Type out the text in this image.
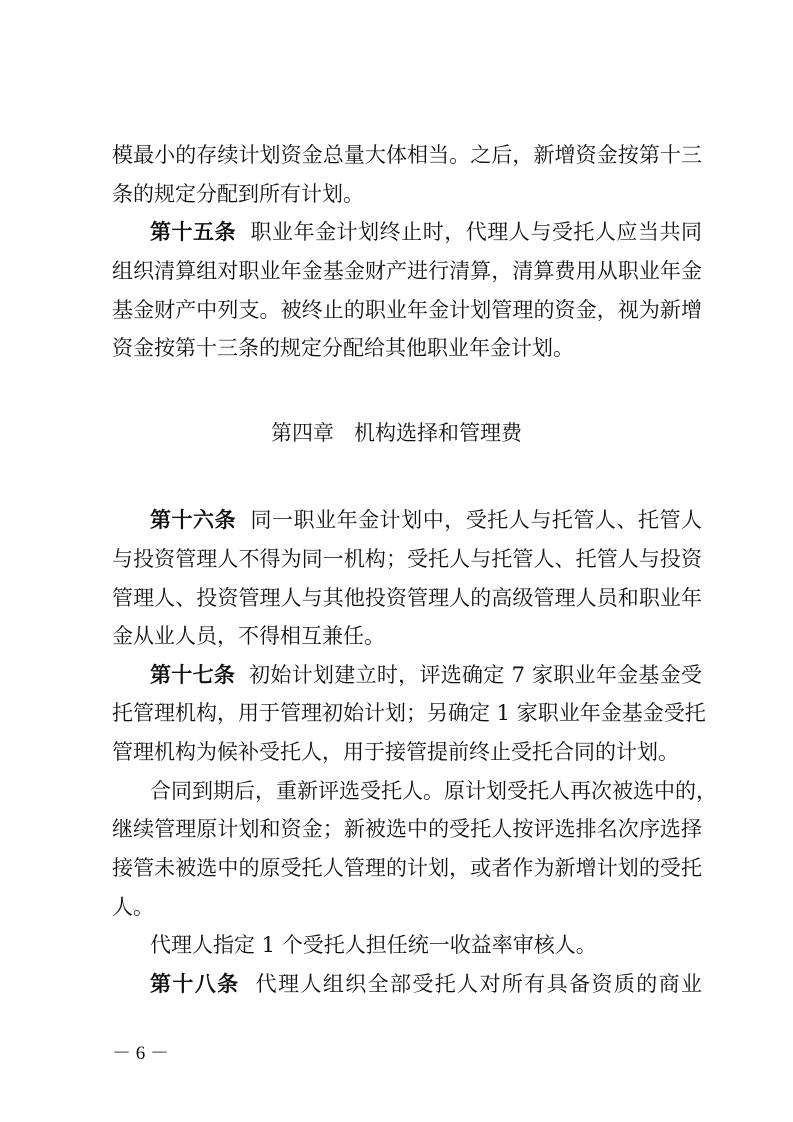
模最小的存续计划资金总量大体相当。之后，新增资金按第十三
条的规定分配到所有计划。
第十五条 职业年金计划终止时，代理人与受托人应当共同
组织清算组对职业年金基金财产进行清算，清算费用从职业年金
基金财产中列支。被终止的职业年金计划管理的资金，视为新增
资金按第十三条的规定分配给其他职业年金计划。
第四章 机构选择和管理费
第十六条 同一职业年金计划中，受托人与托管人、托管人
与投资管理人不得为同一机构；受托人与托管人、托管人与投资
管理人、投资管理人与其他投资管理人的高级管理人员和职业年
金从业人员，不得相互兼任。
第十七条 初始计划建立时，评选确定 7 家职业年金基金受
托管理机构，用于管理初始计划；另确定 1 家职业年金基金受托
管理机构为候补受托人，用于接管提前终止受托合同的计划。
合同到期后，重新评选受托人。原计划受托人再次被选中的，
继续管理原计划和资金；新被选中的受托人按评选排名次序选择
接管未被选中的原受托人管理的计划，或者作为新增计划的受托
人。
代理人指定 1 个受托人担任统一收益率审核人。
第十八条 代理人组织全部受托人对所有具备资质的商业
－ 6 －
